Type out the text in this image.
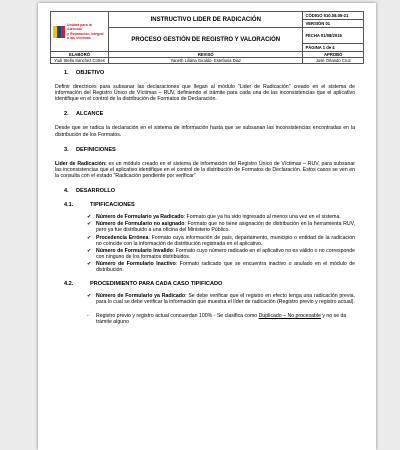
Unidad para la Atención
y Reparación Integral
a las Víctimas	INSTRUCTIVO LIDER DE RADICACIÓN	CÓDIGO 510.08.05-21
		VERSIÓN 01
	PROCESO GESTIÓN DE REGISTRO Y VALORACIÓN	FECHA 01/08/2015
		PÁGINA 1 de 4
ELABORÓ	REVISÓ	APROBÓ
Yudi Stella Sanchez Cortes	Yaneth Liliana Giraldo- Estefania Diaz	Jose Orlando Cruz
1. OBJETIVO

Definir directrices para subsanar las declaraciones que llegan al módulo "Lider de Radicación" creado en el sistema de información del Registro Único de Víctimas – RUV, definiendo el trámite para cada una de las inconsistencias que el aplicativo identifique en el control de la distribución de Formatos de Declaración.

2. ALCANCE

Desde que se radica la declaración en el sistema de información hasta que se subsanan las inconsistencias encontradas en la distribución de los Formatos.

3. DEFINICIONES

Lider de Radicación: es un módulo creado en el sistema de información del Registro Único de Víctimas – RUV, para subsanar las inconsistencias que el aplicativo identifique en el control de la distribución de Formatos de Declaración. Estos casos se ven en la consulta con el estado "Radicación pendiente por verificar"

4. DESARROLLO
4.1.	TIPIFICACIONES
✔ Número de Formulario ya Radicado: Formato que ya ha sido ingresado al menos una vez en el sistema.
✔ Número de Formulario no asignado: Formato que no tiene asignación de distribución en la herramienta RUV, pero ya fue distribuido a una oficina del Ministerio Público.
✔ Procedencia Errónea: Formato cuya información de país, departamento, municipio o entidad de la radicación no coincide con la información de distribución registrada en el aplicativo.
✔ Número de Formulario Invalido: Formato cuyo número radicado en el aplicativo no es válido o no corresponde con ninguno de los formatos distribuidos.
✔ Número de Formulario Inactivo: Formato radicado que se encuentra inactivo o anulado en el módulo de distribución.
4.2.	PROCEDIMIENTO PARA CADA CASO TIPIFICADO
✔ Número de Formulario ya Radicado: Se debe verificar que el registro en efecto tenga una radicación previa, para lo cual se debe verificar la información que muestra el líder de radicación (Registro previo y registro actual).
- Registro previo y registro actual concuerdan 100% - Se clasifica como Duplicado – No procesable y no se da trámite alguno
